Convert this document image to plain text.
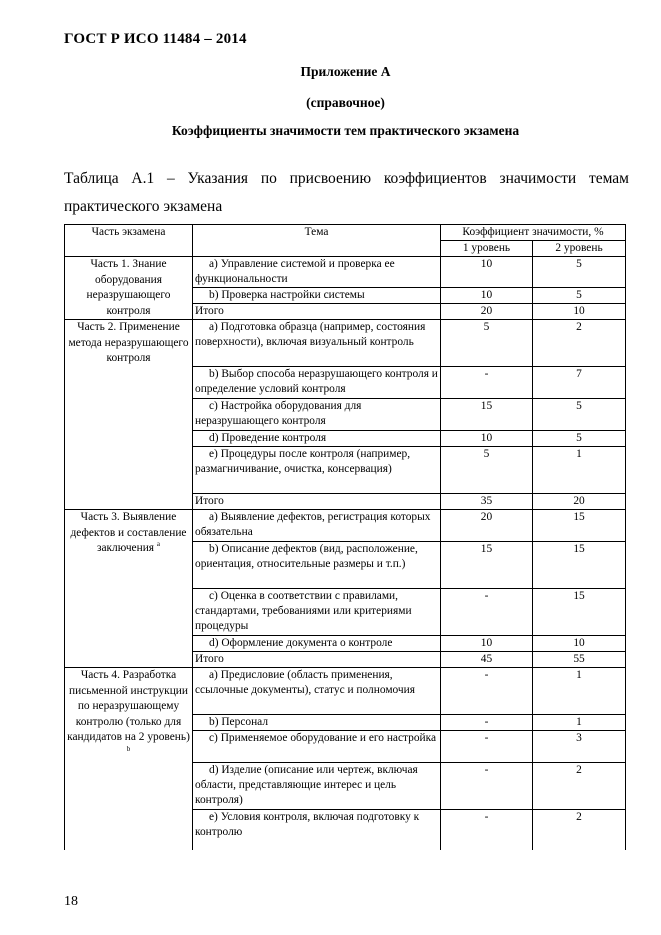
ГОСТ Р ИСО 11484 – 2014
Приложение А
(справочное)
Коэффициенты значимости тем практического экзамена
Таблица А.1 – Указания по присвоению коэффициентов значимости темам практического экзамена
Часть экзамена	Тема	Коэффициент значимости, %	
		1 уровень	2 уровень
Часть 1. Знание оборудования неразрушающего контроля	а) Управление системой и проверка ее функциональности	10	5
	b) Проверка настройки системы	10	5
	Итого	20	10
Часть 2. Применение метода неразрушающего контроля	а) Подготовка образца (например, состояния поверхности), включая визуальный контроль	5	2
	b) Выбор способа неразрушающего контроля и определение условий контроля	-	7
	c) Настройка оборудования для неразрушающего контроля	15	5
	d) Проведение контроля	10	5
	e) Процедуры после контроля (например, размагничивание, очистка, консервация)	5	1
	Итого	35	20
Часть 3. Выявление дефектов и составление заключения $^а$	а) Выявление дефектов, регистрация которых обязательна	20	15
	b) Описание дефектов (вид, расположение, ориентация, относительные размеры и т.п.)	15	15
	c) Оценка в соответствии с правилами, стандартами, требованиями или критериями процедуры	-	15
	d) Оформление документа о контроле	10	10
	Итого	45	55
Часть 4. Разработка письменной инструкции по неразрушающему контролю (только для кандидатов на 2 уровень) $^b$	а) Предисловие (область применения, ссылочные документы), статус и полномочия	-	1
	b) Персонал	-	1
	c) Применяемое оборудование и его настройка	-	3
	d) Изделие (описание или чертеж, включая области, представляющие интерес и цель контроля)	-	2
	e) Условия контроля, включая подготовку к контролю	-	2
18
